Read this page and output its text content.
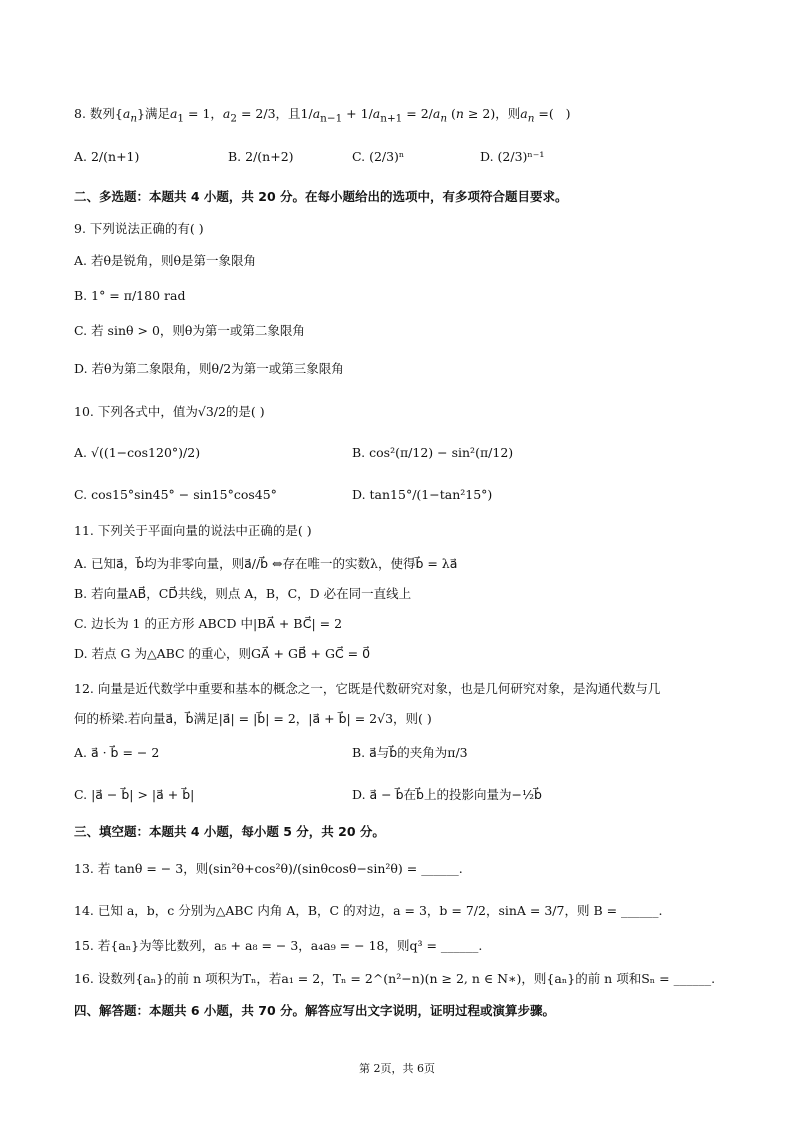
8. 数列$\{a_n\}$满足$a_1 = 1$，$a_2 = 2/3$，且$1/a_{n-1} + 1/a_{n+1} = 2/a_n$ (n ≥ 2)，则$a_n$ =(   )
A. 2/(n+1)	B. 2/(n+2)	C. (2/3)ⁿ	D. (2/3)ⁿ⁻¹
二、多选题：本题共 4 小题，共 20 分。在每小题给出的选项中，有多项符合题目要求。
9. 下列说法正确的有( )
A. 若θ是锐角，则θ是第一象限角
B. 1° = π/180 rad
C. 若 sinθ > 0，则θ为第一或第二象限角
D. 若θ为第二象限角，则θ/2为第一或第三象限角
10. 下列各式中，值为√3/2的是( )
A. √((1−cos120°)/2)	B. cos²(π/12) − sin²(π/12)
C. cos15°sin45° − sin15°cos45°	D. tan15°/(1−tan²15°)
11. 下列关于平面向量的说法中正确的是( )
A. 已知a⃗，b⃗均为非零向量，则a⃗//b⃗ ⇔存在唯一的实数λ，使得b⃗ = λa⃗
B. 若向量AB⃗，CD⃗共线，则点 A，B，C，D 必在同一直线上
C. 边长为 1 的正方形 ABCD 中|BA⃗ + BC⃗| = 2
D. 若点 G 为△ABC 的重心，则GA⃗ + GB⃗ + GC⃗ = 0⃗
12. 向量是近代数学中重要和基本的概念之一，它既是代数研究对象，也是几何研究对象，是沟通代数与几
何的桥梁.若向量a⃗，b⃗满足|a⃗| = |b⃗| = 2，|a⃗ + b⃗| = 2√3，则( )
A. a⃗ · b⃗ = − 2	B. a⃗与b⃗的夹角为π/3
C. |a⃗ − b⃗| > |a⃗ + b⃗|	D. a⃗ − b⃗在b⃗上的投影向量为−½b⃗
三、填空题：本题共 4 小题，每小题 5 分，共 20 分。
13. 若 tanθ = − 3，则(sin²θ+cos²θ)/(sinθcosθ−sin²θ) = ______.
14. 已知 a，b，c 分别为△ABC 内角 A，B，C 的对边，a = 3，b = 7/2，sinA = 3/7，则 B = ______.
15. 若{aₙ}为等比数列，a₅ + a₈ = − 3，a₄a₉ = − 18，则q³ = ______.
16. 设数列{aₙ}的前 n 项积为Tₙ，若a₁ = 2，Tₙ = 2^(n²−n)(n ≥ 2, n ∈ N∗)，则{aₙ}的前 n 项和Sₙ = ______.
四、解答题：本题共 6 小题，共 70 分。解答应写出文字说明，证明过程或演算步骤。
第 2页，共 6页
